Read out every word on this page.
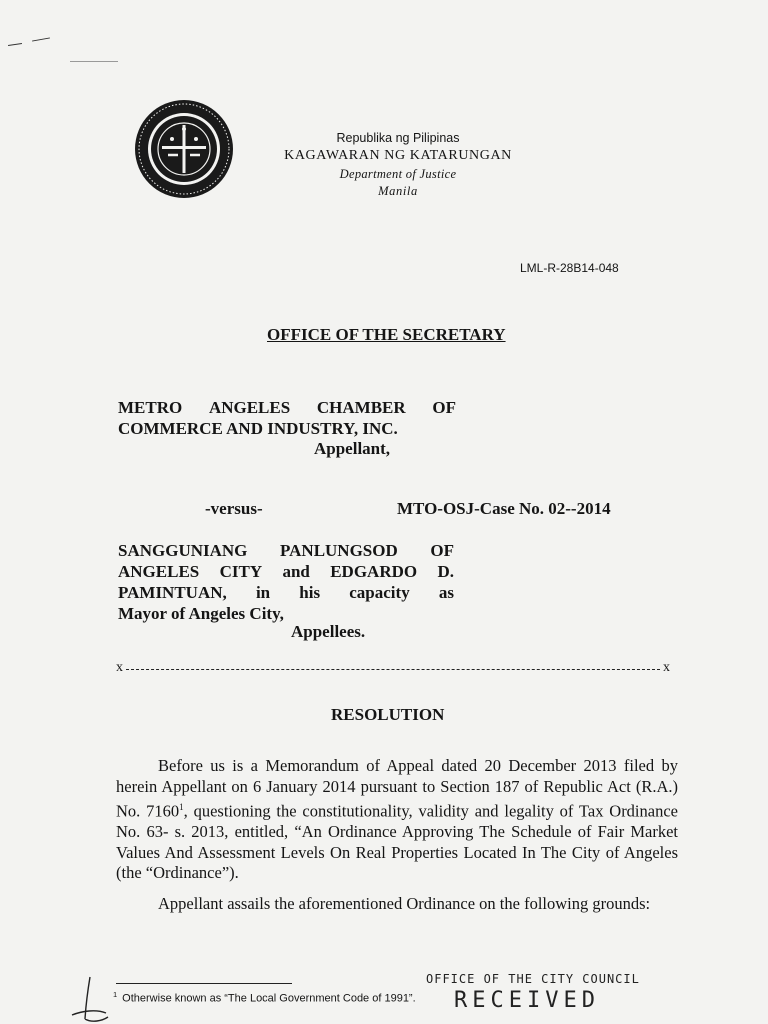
Republika ng Pilipinas
KAGAWARAN NG KATARUNGAN
Department of Justice
Manila
LML-R-28B14-048
OFFICE OF THE SECRETARY
METRO ANGELES CHAMBER OF
COMMERCE AND INDUSTRY, INC.
Appellant,
-versus-	MTO-OSJ-Case No. 02--2014
SANGGUNIANG PANLUNGSOD OF
ANGELES CITY and EDGARDO D.
PAMINTUAN, in his capacity as
Mayor of Angeles City,
Appellees.
x	x
RESOLUTION
Before us is a Memorandum of Appeal dated 20 December 2013 filed by herein Appellant on 6 January 2014 pursuant to Section 187 of Republic Act (R.A.) No. 7160$^1$, questioning the constitutionality, validity and legality of Tax Ordinance No. 63- s. 2013, entitled, “An Ordinance Approving The Schedule of Fair Market Values And Assessment Levels On Real Properties Located In The City of Angeles (the “Ordinance”).
Appellant assails the aforementioned Ordinance on the following grounds:
$^1$ Otherwise known as “The Local Government Code of 1991”.
OFFICE OF THE CITY COUNCIL
RECEIVED
